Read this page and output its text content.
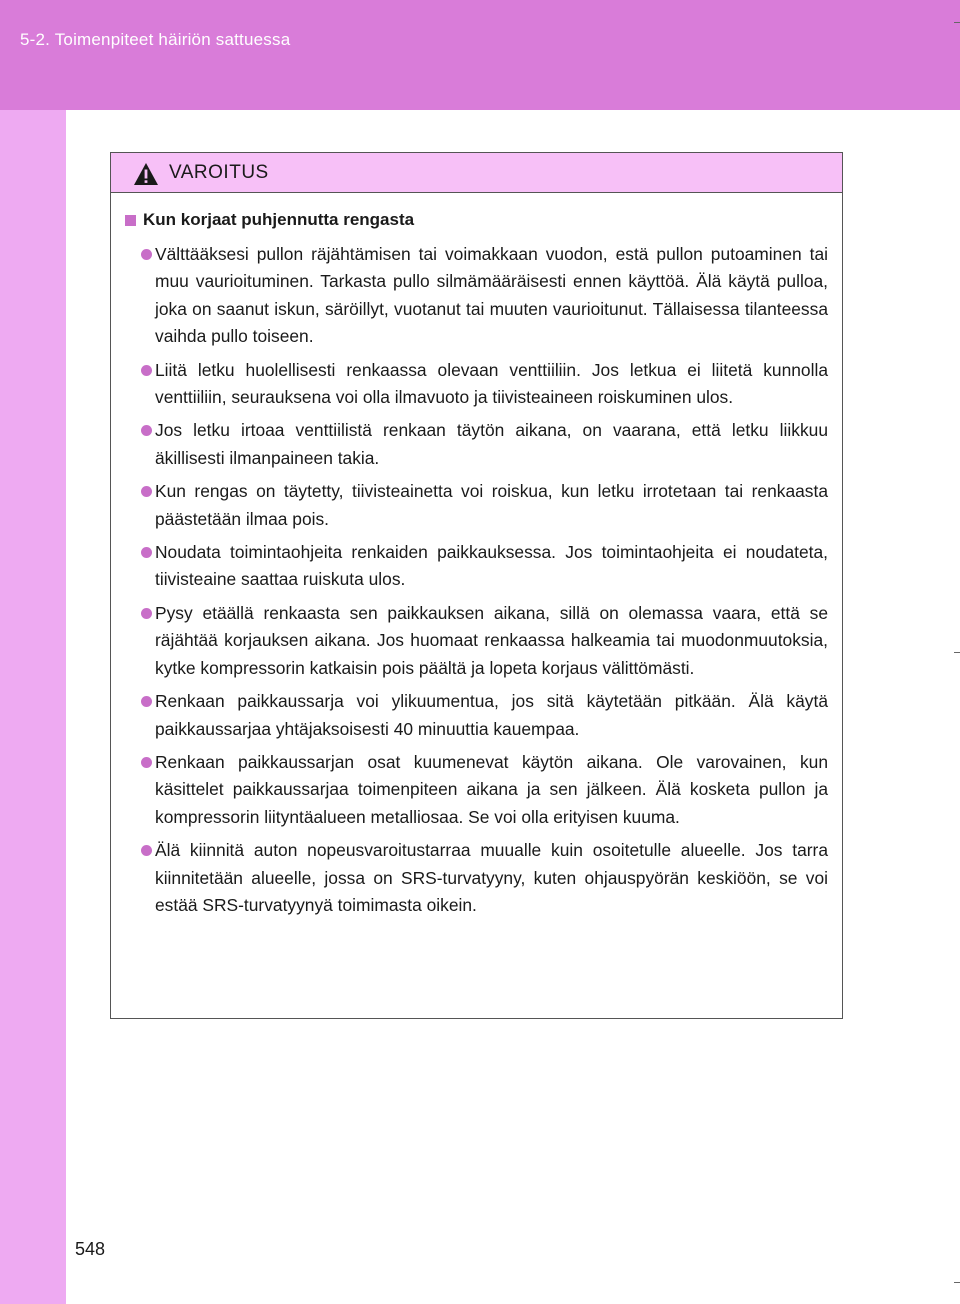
5-2. Toimenpiteet häiriön sattuessa
VAROITUS
Kun korjaat puhjennutta rengasta
Välttääksesi pullon räjähtämisen tai voimakkaan vuodon, estä pullon putoaminen tai muu vaurioituminen. Tarkasta pullo silmämääräisesti ennen käyttöä. Älä käytä pulloa, joka on saanut iskun, säröillyt, vuotanut tai muuten vaurioitunut. Tällaisessa tilanteessa vaihda pullo toiseen.
Liitä letku huolellisesti renkaassa olevaan venttiiliin. Jos letkua ei liitetä kunnolla venttiiliin, seurauksena voi olla ilmavuoto ja tiivisteaineen roiskuminen ulos.
Jos letku irtoaa venttiilistä renkaan täytön aikana, on vaarana, että letku liikkuu äkillisesti ilmanpaineen takia.
Kun rengas on täytetty, tiivisteainetta voi roiskua, kun letku irrotetaan tai renkaasta päästetään ilmaa pois.
Noudata toimintaohjeita renkaiden paikkauksessa. Jos toimintaohjeita ei noudateta, tiivisteaine saattaa ruiskuta ulos.
Pysy etäällä renkaasta sen paikkauksen aikana, sillä on olemassa vaara, että se räjähtää korjauksen aikana. Jos huomaat renkaassa halkeamia tai muodonmuutoksia, kytke kompressorin katkaisin pois päältä ja lopeta korjaus välittömästi.
Renkaan paikkaussarja voi ylikuumentua, jos sitä käytetään pitkään. Älä käytä paikkaussarjaa yhtäjaksoisesti 40 minuuttia kauempaa.
Renkaan paikkaussarjan osat kuumenevat käytön aikana. Ole varovainen, kun käsittelet paikkaussarjaa toimenpiteen aikana ja sen jälkeen. Älä kosketa pullon ja kompressorin liityntäalueen metalliosaa. Se voi olla erityisen kuuma.
Älä kiinnitä auton nopeusvaroitustarraa muualle kuin osoitetulle alueelle. Jos tarra kiinnitetään alueelle, jossa on SRS-turvatyyny, kuten ohjauspyörän keskiöön, se voi estää SRS-turvatyynyä toimimasta oikein.
548
